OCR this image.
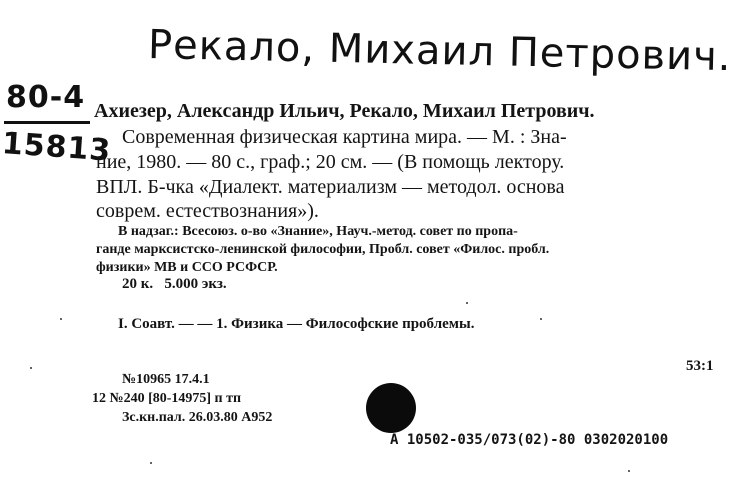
Рекало, Михаил Петрович.
80-4
15813
Ахиезер, Александр Ильич, Рекало, Михаил Петрович.
Современная физическая картина мира. — М. : Зна-
ние, 1980. — 80 с., граф.; 20 см. — (В помощь лектору.
ВПЛ. Б-чка «Диалект. материализм — методол. основа
соврем. естествознания»).
В надзаг.: Всесоюз. о-во «Знание», Науч.-метод. совет по пропа-
ганде марксистско-ленинской философии, Пробл. совет «Филос. пробл.
физики» МВ и ССО РСФСР.
20 к.   5.000 экз.
I. Соавт. — — 1. Физика — Философские проблемы.
53:1
№10965 17.4.1
12 №240 [80-14975] п тп
Зс.кн.пал. 26.03.80 А952
А 10502-035/073(02)-80 0302020100
